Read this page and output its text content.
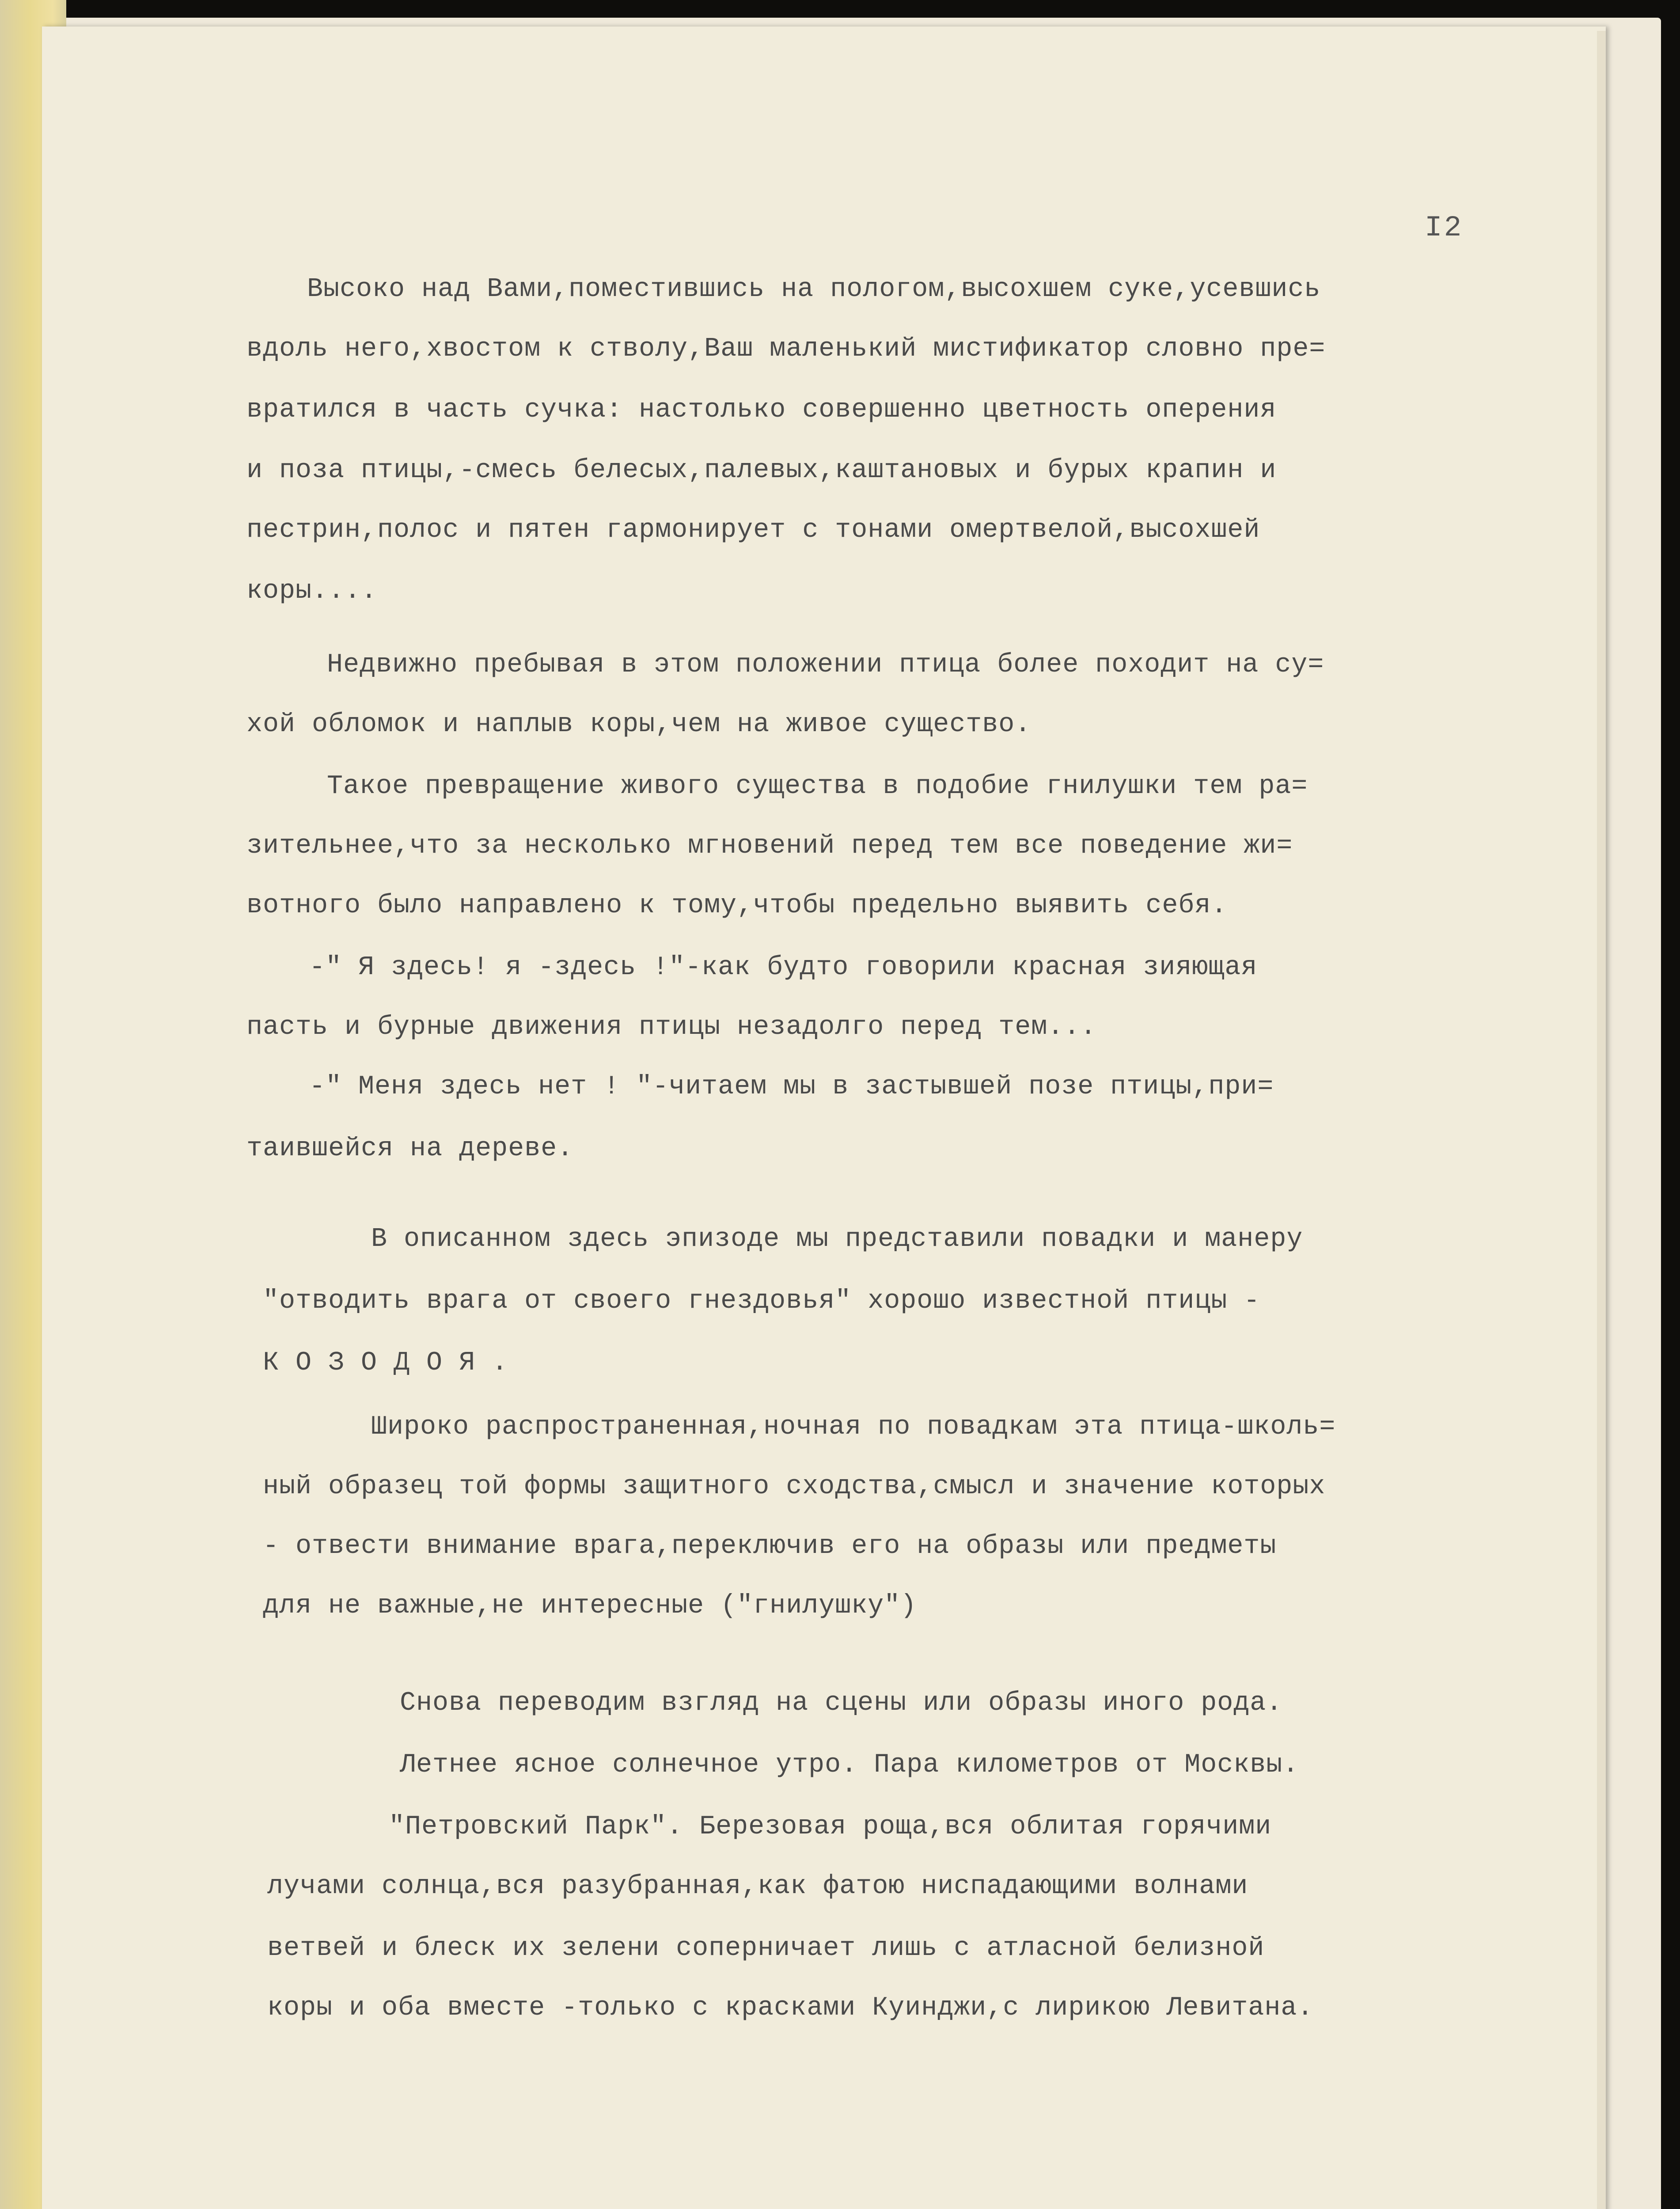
I2

Высоко над Вами,поместившись на пологом,высохшем суке,усевшись

вдоль него,хвостом к стволу,Ваш маленький мистификатор словно пре=

вратился в часть сучка: настолько совершенно цветность оперения

и поза птицы,-смесь белесых,палевых,каштановых и бурых крапин и

пестрин,полос и пятен гармонирует с тонами омертвелой,высохшей

коры....

Недвижно пребывая в этом положении птица более походит на су=

хой обломок и наплыв коры,чем на живое существо.

Такое превращение живого существа в подобие гнилушки тем ра=

зительнее,что за несколько мгновений перед тем все поведение жи=

вотного было направлено к тому,чтобы предельно выявить себя.

-" Я здесь! я -здесь !"-как будто говорили красная зияющая

пасть и бурные движения птицы незадолго перед тем...

-" Меня здесь нет ! "-читаем мы в застывшей позе птицы,при=

таившейся на дереве.

В описанном здесь эпизоде мы представили повадки и манеру

"отводить врага от своего гнездовья" хорошо известной птицы -

К О З О Д О Я .

Широко распространенная,ночная по повадкам эта птица-школь=

ный образец той формы защитного сходства,смысл и значение которых

- отвести внимание врага,переключив его на образы или предметы

для не важные,не интересные ("гнилушку")

Снова переводим взгляд на сцены или образы иного рода.

Летнее ясное солнечное утро. Пара километров от Москвы.

"Петровский Парк". Березовая роща,вся облитая горячими

лучами солнца,вся разубранная,как фатою ниспадающими волнами

ветвей и блеск их зелени соперничает лишь с атласной белизной

коры и оба вместе -только с красками Куинджи,с лирикою Левитана.
